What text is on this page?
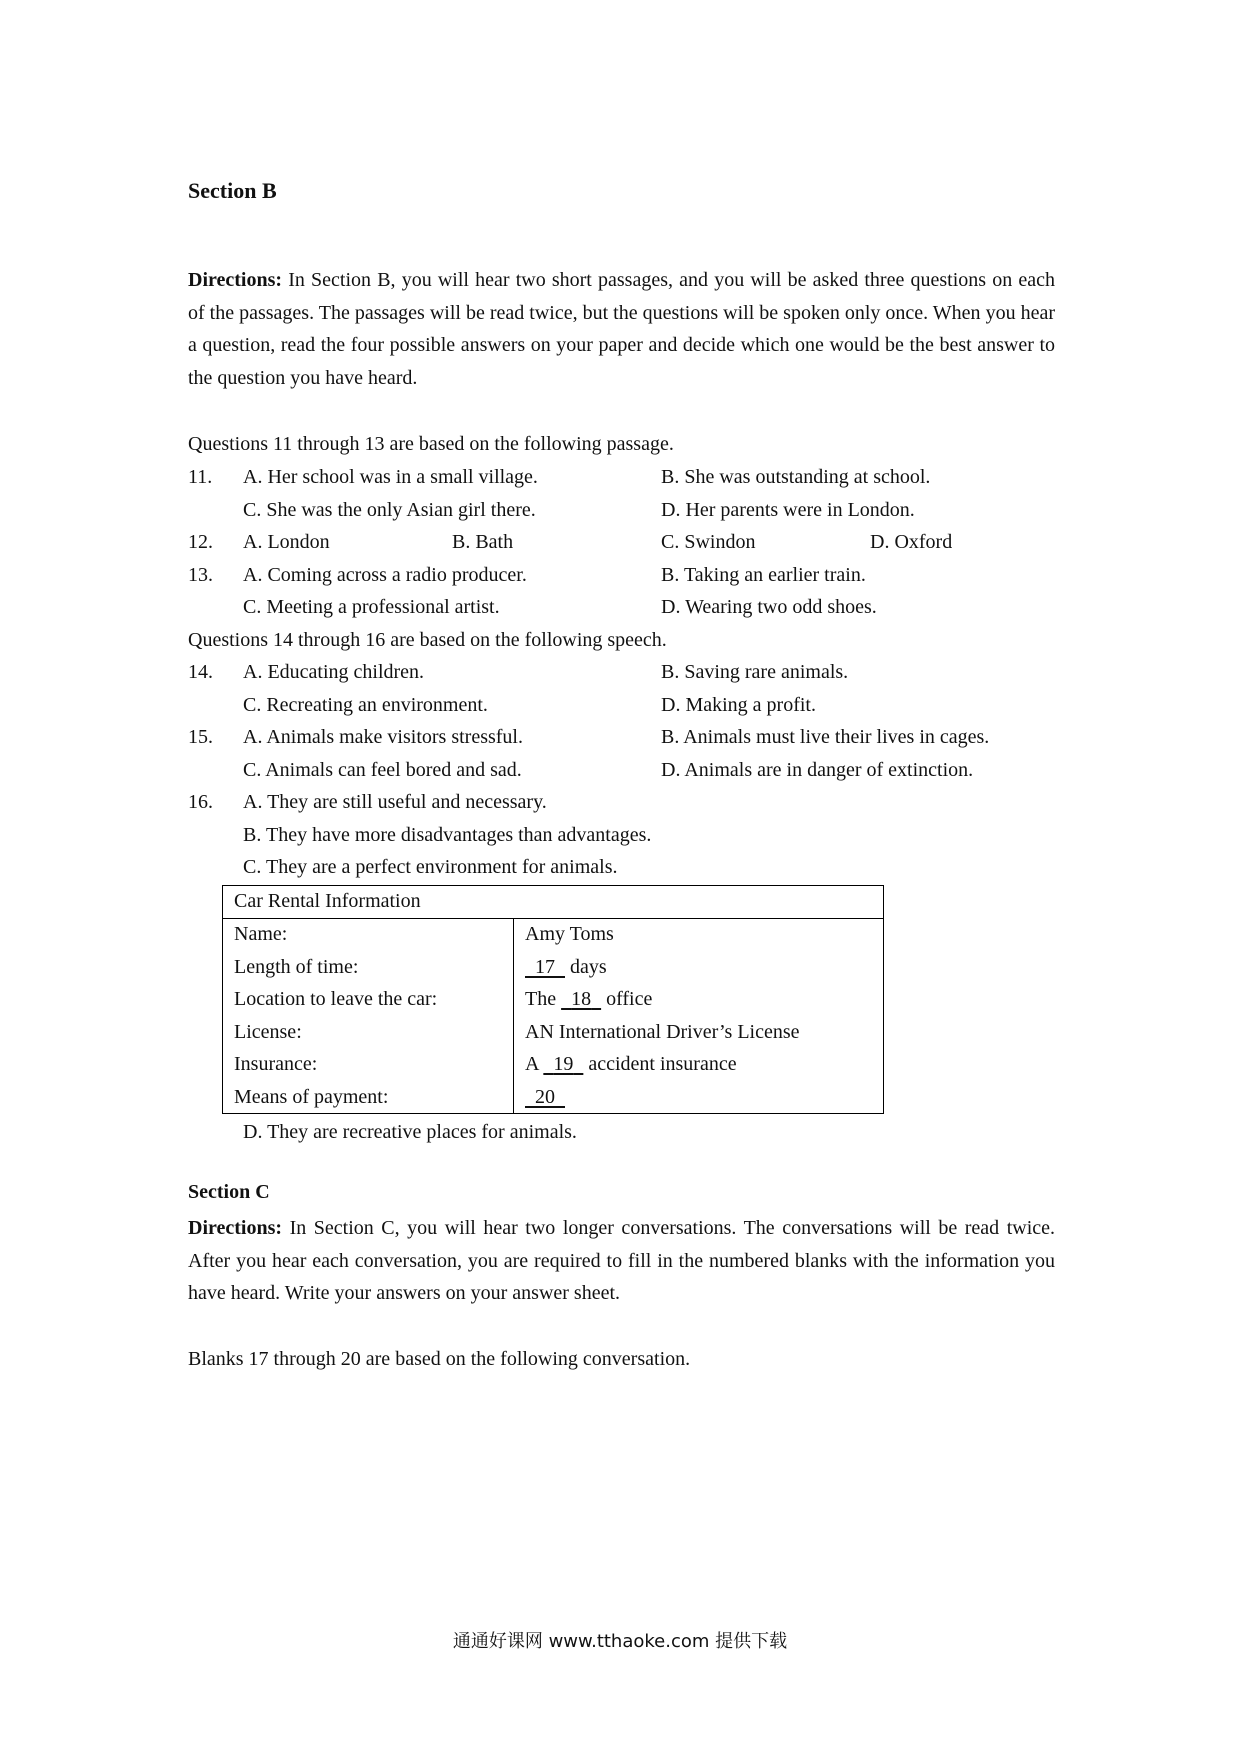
Section B
Directions: In Section B, you will hear two short passages, and you will be asked three questions on each of the passages. The passages will be read twice, but the questions will be spoken only once. When you hear a question, read the four possible answers on your paper and decide which one would be the best answer to the question you have heard.
Questions 11 through 13 are based on the following passage.
11. A. Her school was in a small village.	B. She was outstanding at school.
C. She was the only Asian girl there.	D. Her parents were in London.
12. A. London	B. Bath	C. Swindon	D. Oxford
13. A. Coming across a radio producer.	B. Taking an earlier train.
C. Meeting a professional artist.	D. Wearing two odd shoes.
Questions 14 through 16 are based on the following speech.
14. A. Educating children.	B. Saving rare animals.
C. Recreating an environment.	D. Making a profit.
15. A. Animals make visitors stressful.	B. Animals must live their lives in cages.
C. Animals can feel bored and sad.	D. Animals are in danger of extinction.
16. A. They are still useful and necessary.
B. They have more disadvantages than advantages.
C. They are a perfect environment for animals.
Car Rental Information
Name:	Amy Toms
Length of time:	17   days
Location to leave the car:	The   18   office
License:	AN International Driver’s License
Insurance:	A   19   accident insurance
Means of payment:	20
D. They are recreative places for animals.
Section C
Directions: In Section C, you will hear two longer conversations. The conversations will be read twice. After you hear each conversation, you are required to fill in the numbered blanks with the information you have heard. Write your answers on your answer sheet.
Blanks 17 through 20 are based on the following conversation.
通通好课网 www.tthaoke.com 提供下载
